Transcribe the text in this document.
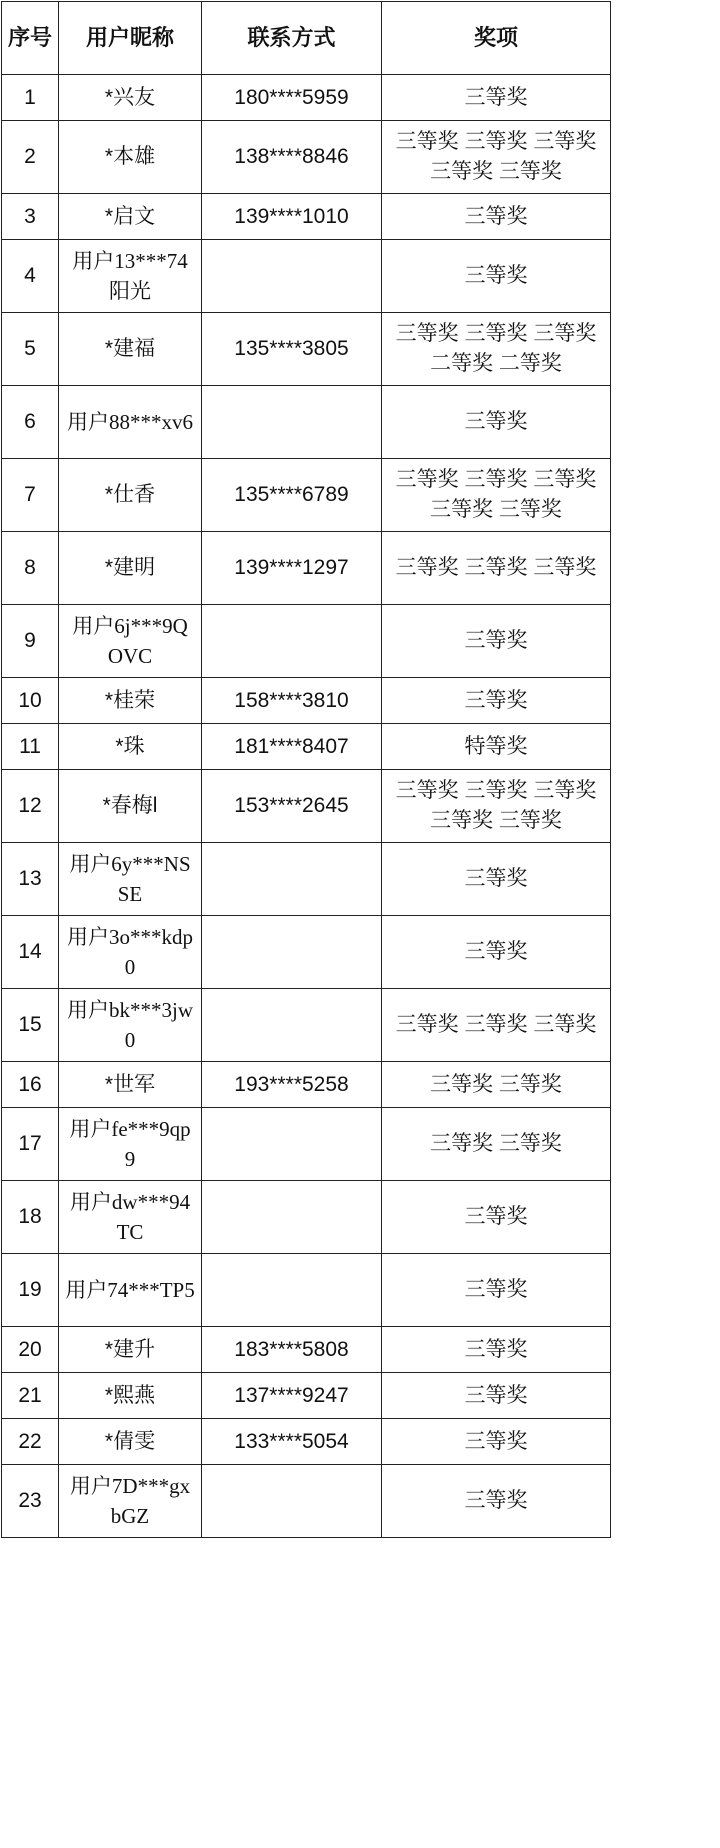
序号	用户昵称	联系方式	奖项
1	*兴友	180****5959	三等奖
2	*本雄	138****8846	三等奖 三等奖 三等奖 三等奖 三等奖
3	*启文	139****1010	三等奖
4	用户13***74阳光		三等奖
5	*建福	135****3805	三等奖 三等奖 三等奖 二等奖 二等奖
6	用户88***xv6		三等奖
7	*仕香	135****6789	三等奖 三等奖 三等奖 三等奖 三等奖
8	*建明	139****1297	三等奖 三等奖 三等奖
9	用户6j***9QOVC		三等奖
10	*桂荣	158****3810	三等奖
11	*珠	181****8407	特等奖
12	*春梅l	153****2645	三等奖 三等奖 三等奖 三等奖 三等奖
13	用户6y***NSSE		三等奖
14	用户3o***kdp0		三等奖
15	用户bk***3jw0		三等奖 三等奖 三等奖
16	*世军	193****5258	三等奖 三等奖
17	用户fe***9qp9		三等奖 三等奖
18	用户dw***94TC		三等奖
19	用户74***TP5		三等奖
20	*建升	183****5808	三等奖
21	*熙燕	137****9247	三等奖
22	*倩雯	133****5054	三等奖
23	用户7D***gxbGZ		三等奖
